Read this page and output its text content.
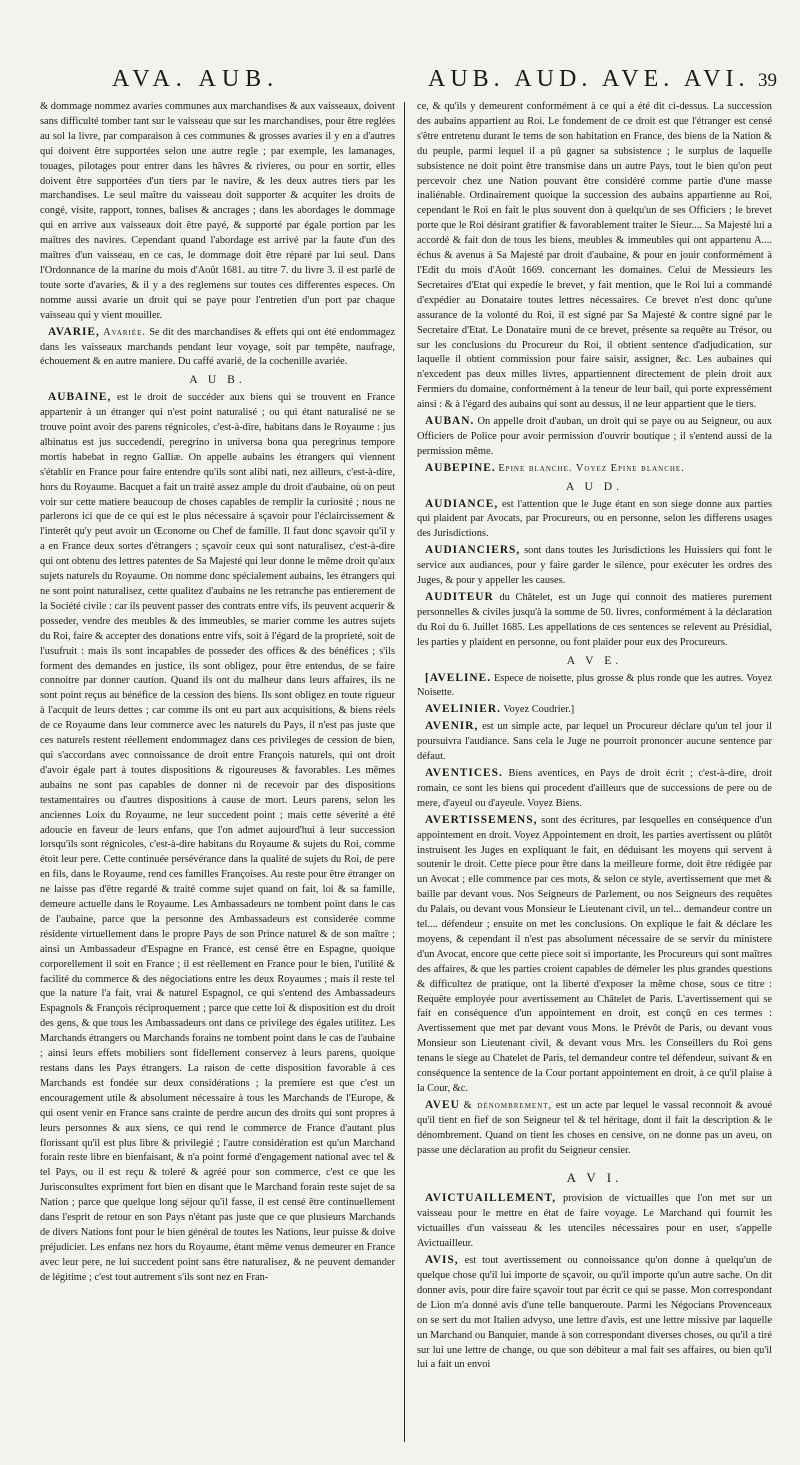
AVA. AUB.	AUB. AUD. AVE. AVI. 39

& dommage nommez avaries communes aux marchandises & aux vaisseaux, doivent sans difficulté tomber tant sur le vaisseau que sur les marchandises, pour être reglées au sol la livre, par comparaison à ces communes & grosses avaries il y en a d'autres qui doivent être supportées selon une autre regle ; par exemple, les lamanages, touages, pilotages pour entrer dans les hâvres & rivieres, ou pour en sortir, elles doivent être supportées d'un tiers par le navire, & les deux autres tiers par les marchandises. Le seul maître du vaisseau doit supporter & acquiter les droits de congé, visite, rapport, tonnes, balises & ancrages ; dans les abordages le dommage qui en arrive aux vaisseaux doit être payé, & supporté par égale portion par les maîtres des navires. Cependant quand l'abordage est arrivé par la faute d'un des maîtres d'un vaisseau, en ce cas, le dommage doit être réparé par lui seul. Dans l'Ordonnance de la marine du mois d'Août 1681. au titre 7. du livre 3. il est parlé de toute sorte d'avaries, & il y a des reglemens sur toutes ces differentes especes. On nomme aussi avarie un droit qui se paye pour l'entretien d'un port par chaque vaisseau qui y vient mouiller.

AVARIE, Avariée. Se dit des marchandises & effets qui ont été endommagez dans les vaisseaux marchands pendant leur voyage, soit par tempête, naufrage, échouement & en autre maniere. Du caffé avarié, de la cochenille avariée.

A U B.

AUBAINE, est le droit de succéder aux biens qui se trouvent en France appartenir à un étranger qui n'est point naturalisé ; ou qui étant naturalisé ne se trouve point avoir des parens régnicoles, c'est-à-dire, habitans dans le Royaume : jus albinatus est jus succedendi, peregrino in universa bona qua peregrinus tempore mortis habebat in regno Galliæ. On appelle aubains les étrangers qui viennent s'établir en France pour faire entendre qu'ils sont alibi nati, nez ailleurs, c'est-à-dire, hors du Royaume. Bacquet a fait un traité assez ample du droit d'aubaine, où on peut voir sur cette matiere beaucoup de choses capables de remplir la curiosité ; nous ne parlerons ici que de ce qui est le plus nécessaire à sçavoir pour l'éclaircissement & l'interêt qu'y peut avoir un Œconome ou Chef de famille. Il faut donc sçavoir qu'il y a en France deux sortes d'étrangers ; sçavoir ceux qui sont naturalisez, c'est-à-dire qui ont obtenu des lettres patentes de Sa Majesté qui leur donne le même droit qu'aux sujets naturels du Royaume. On nomme donc spécialement aubains, les étrangers qui ne sont point naturalisez, cette qualitez d'aubains ne les retranche pas entierement de la Société civile : car ils peuvent passer des contrats entre vifs, ils peuvent acquerir & posseder, vendre des meubles & des immeubles, se marier comme les autres sujets du Roi, faire & accepter des donations entre vifs, soit à l'égard de la proprieté, soit de l'usufruit : mais ils sont incapables de posseder des offices & des bénéfices ; s'ils forment des demandes en justice, ils sont obligez, pour être entendus, de se faire connoitre par donner caution. Quand ils ont du malheur dans leurs affaires, ils ne sont point reçus au bénéfice de la cession des biens. Ils sont obligez en toute rigueur à l'acquit de leurs dettes ; car comme ils ont eu part aux acquisitions, & biens réels de ce Royaume dans leur commerce avec les naturels du Pays, il n'est pas juste que ces naturels restent réellement endommagez dans ces privileges de cession de bien, qui s'accordans avec connoissance de droit entre François naturels, qui ont droit d'avoir égale part à toutes dispositions & rigoureuses & favorables. Les mêmes aubains ne sont pas capables de donner ni de recevoir par des dispositions testamentaires ou d'autres dispositions à cause de mort. Leurs parens, selon les anciennes Loix du Royaume, ne leur succedent point ; mais cette séverité a été adoucie en faveur de leurs enfans, que l'on admet aujourd'hui à leur succession lorsqu'ils sont régnicoles, c'est-à-dire habitans du Royaume & sujets du Roi, comme étoit leur pere. Cette continuée persévérance dans la qualité de sujets du Roi, de pere en fils, dans le Royaume, rend ces familles Françoises. Au reste pour être étranger on ne laisse pas d'être regardé & traité comme sujet quand on fait, loi & sa famille, demeure actuelle dans le Royaume. Les Ambassadeurs ne tombent point dans le cas de l'aubaine, parce que la personne des Ambassadeurs est considerée comme résidente virtuellement dans le propre Pays de son Prince naturel & de son maître ; ainsi un Ambassadeur d'Espagne en France, est censé être en Espagne, quoique corporellement il soit en France ; il est réellement en France pour le bien, l'utilité & facilité du commerce & des négociations entre les deux Royaumes ; mais il reste tel que la nature l'a fait, vrai & naturel Espagnol, ce qui s'entend des Ambassadeurs Espagnols & François réciproquement ; parce que cette loi & disposition est du droit des gens, & que tous les Ambassadeurs ont dans ce privilege des égales utilitez. Les Marchands étrangers ou Marchands forains ne tombent point dans le cas de l'aubaine ; ainsi leurs effets mobiliers sont fidellement conservez à leurs parens, quoique restans dans les Pays étrangers. La raison de cette disposition favorable à ces Marchands est fondée sur deux considérations ; la premiere est que c'est un encouragement utile & absolument nécessaire à tous les Marchands de l'Europe, & qui osent venir en France sans crainte de perdre aucun des droits qui sont propres à leurs personnes & aux siens, ce qui rend le commerce de France d'autant plus florissant qu'il est plus libre & privilegié ; l'autre considération est qu'un Marchand forain reste libre en bienfaisant, & n'a point formé d'engagement national avec tel & tel Pays, ou il est reçu & toleré & agréé pour son commerce, c'est ce que les Jurisconsultes expriment fort bien en disant que le Marchand forain reste sujet de sa Nation ; parce que quelque long séjour qu'il fasse, il est censé être continuellement dans l'esprit de retour en son Pays n'étant pas juste que ce que plusieurs Marchands de divers Nations font pour le bien général de toutes les Nations, leur puisse & doive préjudicier. Les enfans nez hors du Royaume, étant même venus demeurer en France avec leur pere, ne lui succedent point sans être naturalisez, & ne peuvent demander de légitime ; c'est tout autrement s'ils sont nez en Fran-

ce, & qu'ils y demeurent conformément à ce qui a été dit ci-dessus. La succession des aubains appartient au Roi. Le fondement de ce droit est que l'étranger est censé s'être entretenu durant le tems de son habitation en France, des biens de la Nation & du peuple, parmi lequel il a pû gagner sa subsistence ; le surplus de laquelle subsistence ne doit point être transmise dans un autre Pays, tout le bien qu'on peut percevoir chez une Nation pouvant être considéré comme partie d'une masse inaliénable. Ordinairement quoique la succession des aubains appartienne au Roi, cependant le Roi en fait le plus souvent don à quelqu'un de ses Officiers ; le brevet porte que le Roi désirant gratifier & favorablement traiter le Sieur.... Sa Majesté lui a accordé & fait don de tous les biens, meubles & immeubles qui ont appartenu A.... échus & avenus à Sa Majesté par droit d'aubaine, & pour en jouir conformément à l'Edit du mois d'Août 1669. concernant les domaines. Celui de Messieurs les Secretaires d'Etat qui expedie le brevet, y fait mention, que le Roi lui a commandé d'expédier au Donataire toutes lettres nécessaires. Ce brevet n'est donc qu'une assurance de la volonté du Roi, il est signé par Sa Majesté & contre signé par le Secretaire d'Etat. Le Donataire muni de ce brevet, présente sa requête au Trésor, ou sur les conclusions du Procureur du Roi, il obtient sentence d'adjudication, sur laquelle il obtient commission pour faire saisir, assigner, &c. Les aubaines qui n'excedent pas deux milles livres, appartiennent directement de plein droit aux Fermiers du domaine, conformément à la teneur de leur bail, qui porte expressément ainsi : & à l'égard des aubains qui sont au dessus, il ne leur appartient que le tiers.

AUBAN. On appelle droit d'auban, un droit qui se paye ou au Seigneur, ou aux Officiers de Police pour avoir permission d'ouvrir boutique ; il s'entend aussi de la permission même.

AUBEPINE. Epine blanche. Voyez Epine blanche.

A U D.

AUDIANCE, est l'attention que le Juge étant en son siege donne aux parties qui plaident par Avocats, par Procureurs, ou en personne, selon les differens usages des Jurisdictions.

AUDIANCIERS, sont dans toutes les Jurisdictions les Huissiers qui font le service aux audiances, pour y faire garder le silence, pour exécuter les ordres des Juges, & pour y appeller les causes.

AUDITEUR du Châtelet, est un Juge qui connoit des matieres purement personnelles & civiles jusqu'à la somme de 50. livres, conformément à la déclaration du Roi du 6. Juillet 1685. Les appellations de ces sentences se relevent au Présidial, les parties y plaident en personne, ou font plaider pour eux des Procureurs.

A V E.

[AVELINE. Espece de noisette, plus grosse & plus ronde que les autres. Voyez Noisette.

AVELINIER. Voyez Coudrier.]

AVENIR, est un simple acte, par lequel un Procureur déclare qu'un tel jour il poursuivra l'audiance. Sans cela le Juge ne pourroit prononcer aucune sentence par défaut.

AVENTICES. Biens aventices, en Pays de droit écrit ; c'est-à-dire, droit romain, ce sont les biens qui procedent d'ailleurs que de successions de pere ou de mere, d'ayeul ou d'ayeule. Voyez Biens.

AVERTISSEMENS, sont des écritures, par lesquelles en conséquence d'un appointement en droit. Voyez Appointement en droit, les parties avertissent ou plûtôt instruisent les Juges en expliquant le fait, en déduisant les moyens qui servent à soutenir le droit. Cette piece pour être dans la meilleure forme, doit être rédigée par un Avocat ; elle commence par ces mots, & selon ce style, avertissement que met & baille par devant vous. Nos Seigneurs de Parlement, ou nos Seigneurs des requêtes du Palais, ou devant vous Monsieur le Lieutenant civil, un tel... demandeur contre un tel.... défendeur ; ensuite on met les conclusions. On explique le fait & déclare les moyens, & cependant il n'est pas absolument nécessaire de se servir du ministere d'un Avocat, encore que cette piece soit si importante, les Procureurs qui sont maîtres des affaires, & que les parties croient capables de démeler les plus grandes questions & difficultez de pratique, ont la liberté d'exposer la même chose, sous ce titre : Requête employée pour avertissement au Châtelet de Paris. L'avertissement qui se fait en conséquence d'un appointement en droit, est conçû en ces termes : Avertissement que met par devant vous Mons. le Prévôt de Paris, ou devant vous Monsieur son Lieutenant civil, & devant vous Mrs. les Conseillers du Roi gens tenans le siege au Chatelet de Paris, tel demandeur contre tel défendeur, suivant & en conséquence la sentence de la Cour portant appointement en droit, à ce qu'il plaise à la Cour, &c.

AVEU & dénombrement, est un acte par lequel le vassal reconnoit & avoué qu'il tient en fief de son Seigneur tel & tel héritage, dont il fait la description & le dénombrement. Quand on tient les choses en censive, on ne donne pas un aveu, on passe une déclaration au profit du Seigneur censier.

A V I.

AVICTUAILLEMENT, provision de victuailles que l'on met sur un vaisseau pour le mettre en état de faire voyage. Le Marchand qui fournit les victuailles d'un vaisseau & les utenciles nécessaires pour en user, s'appelle Avictuailleur.

AVIS, est tout avertissement ou connoissance qu'on donne à quelqu'un de quelque chose qu'il lui importe de sçavoir, ou qu'il importe qu'un autre sache. On dit donner avis, pour dire faire sçavoir tout par écrit ce qui se passe. Mon correspondant de Lion m'a donné avis d'une telle banqueroute. Parmi les Négocians Provenceaux on se sert du mot Italien advyso, une lettre d'avis, est une lettre missive par laquelle un Marchand ou Banquier, mande à son correspondant diverses choses, ou qu'il a tiré sur lui une lettre de change, ou que son débiteur a mal fait ses affaires, ou bien qu'il lui a fait un envoi
